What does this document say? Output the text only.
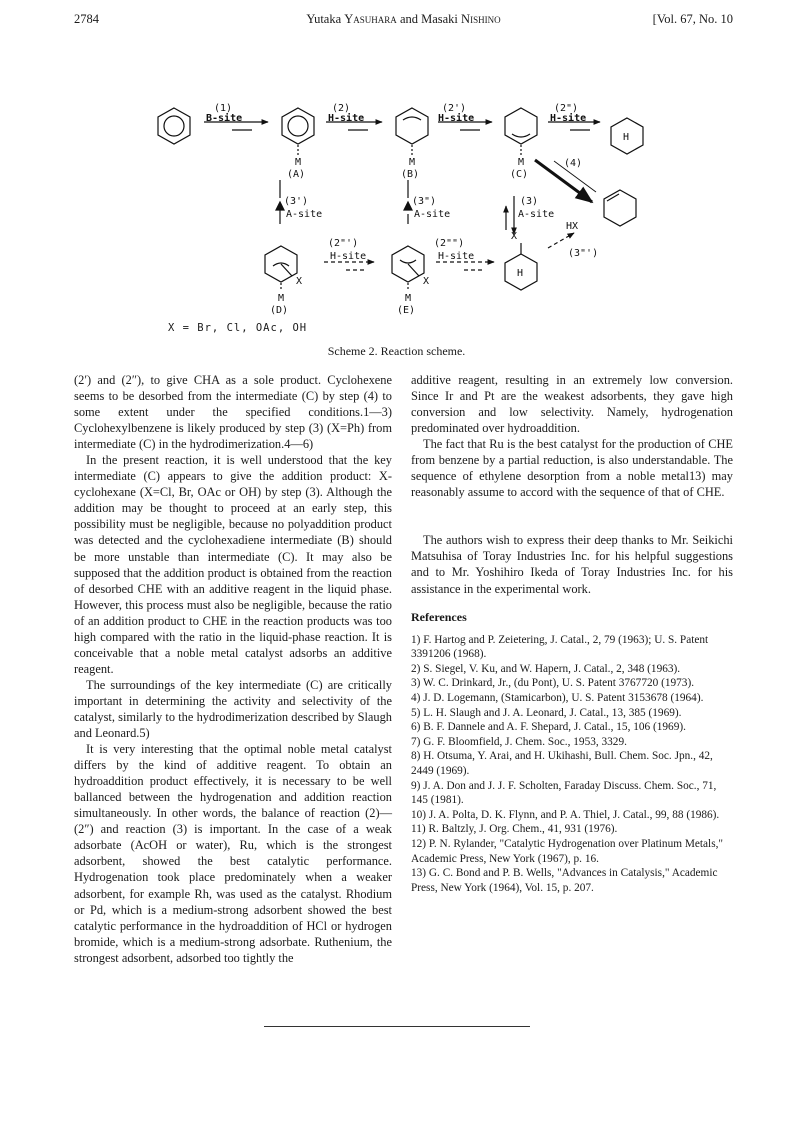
2784	Yutaka Yasuhara and Masaki Nishino	[Vol. 67, No. 10
(1)
B-site
(2)
H-site
(2')
H-site
(2")
H-site
H
M
(A)
M
(B)
M
(C)
(4)
(3')
A-site
(3")
A-site
(3)
A-site
HX
X
(2"')
H-site
(2"")
H-site	(3"')
X	X
H
M
(D)
M
(E)
X = Br, Cl, OAc, OH
Scheme 2. Reaction scheme.

(2′) and (2″), to give CHA as a sole product. Cyclohexene seems to be desorbed from the intermediate (C) by step (4) to some extent under the specified conditions.1—3) Cyclohexylbenzene is likely produced by step (3) (X=Ph) from intermediate (C) in the hydrodimerization.4—6)

In the present reaction, it is well understood that the key intermediate (C) appears to give the addition product: X-cyclohexane (X=Cl, Br, OAc or OH) by step (3). Although the addition may be thought to proceed at an early step, this possibility must be negligible, because no polyaddition product was detected and the cyclohexadiene intermediate (B) should be more unstable than intermediate (C). It may also be supposed that the addition product is obtained from the reaction of desorbed CHE with an additive reagent in the liquid phase. However, this process must also be negligible, because the ratio of an addition product to CHE in the reaction products was too high compared with the ratio in the liquid-phase reaction. It is conceivable that a noble metal catalyst adsorbs an additive reagent.

The surroundings of the key intermediate (C) are critically important in determining the activity and selectivity of the catalyst, similarly to the hydrodimerization described by Slaugh and Leonard.5)

It is very interesting that the optimal noble metal catalyst differs by the kind of additive reagent. To obtain an hydroaddition product effectively, it is necessary to be well ballanced between the hydrogenation and addition reaction simultaneously. In other words, the balance of reaction (2)—(2″) and reaction (3) is important. In the case of a weak adsorbate (AcOH or water), Ru, which is the strongest adsorbent, showed the best catalytic performance. Hydrogenation took place predominately when a weaker adsorbent, for example Rh, was used as the catalyst. Rhodium or Pd, which is a medium-strong adsorbent showed the best catalytic performance in the hydroaddition of HCl or hydrogen bromide, which is a medium-strong adsorbate. Ruthenium, the strongest adsorbent, adsorbed too tightly the

additive reagent, resulting in an extremely low conversion. Since Ir and Pt are the weakest adsorbents, they gave high conversion and low selectivity. Namely, hydrogenation predominated over hydroaddition.

The fact that Ru is the best catalyst for the production of CHE from benzene by a partial reduction, is also understandable. The sequence of ethylene desorption from a noble metal13) may reasonably assume to accord with the sequence of that of CHE.

The authors wish to express their deep thanks to Mr. Seikichi Matsuhisa of Toray Industries Inc. for his helpful suggestions and to Mr. Yoshihiro Ikeda of Toray Industries Inc. for his assistance in the experimental work.

References

1) F. Hartog and P. Zeietering, J. Catal., 2, 79 (1963); U. S. Patent 3391206 (1968).

2) S. Siegel, V. Ku, and W. Hapern, J. Catal., 2, 348 (1963).

3) W. C. Drinkard, Jr., (du Pont), U. S. Patent 3767720 (1973).

4) J. D. Logemann, (Stamicarbon), U. S. Patent 3153678 (1964).

5) L. H. Slaugh and J. A. Leonard, J. Catal., 13, 385 (1969).

6) B. F. Dannele and A. F. Shepard, J. Catal., 15, 106 (1969).

7) G. F. Bloomfield, J. Chem. Soc., 1953, 3329.

8) H. Otsuma, Y. Arai, and H. Ukihashi, Bull. Chem. Soc. Jpn., 42, 2449 (1969).

9) J. A. Don and J. J. F. Scholten, Faraday Discuss. Chem. Soc., 71, 145 (1981).

10) J. A. Polta, D. K. Flynn, and P. A. Thiel, J. Catal., 99, 88 (1986).

11) R. Baltzly, J. Org. Chem., 41, 931 (1976).

12) P. N. Rylander, "Catalytic Hydrogenation over Platinum Metals," Academic Press, New York (1967), p. 16.

13) G. C. Bond and P. B. Wells, "Advances in Catalysis," Academic Press, New York (1964), Vol. 15, p. 207.
